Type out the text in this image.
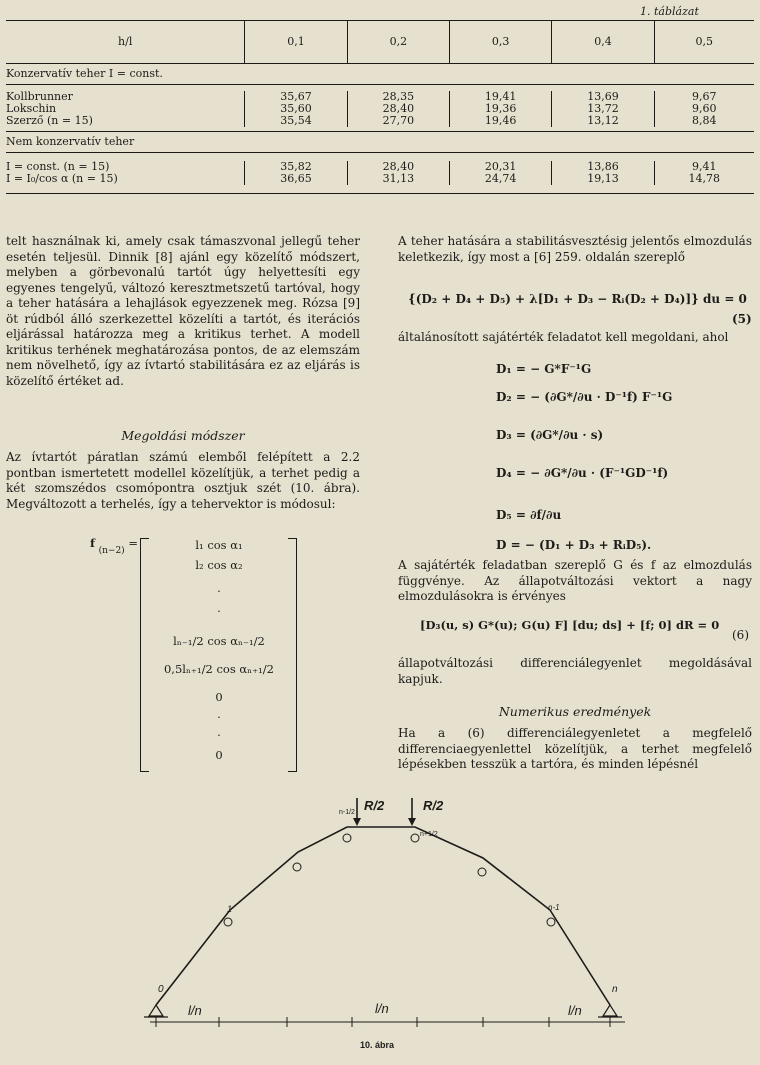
1. táblázat
h/l	0,1	0,2	0,3	0,4	0,5
Konzervatív teher I = const.
Kollbrunner	35,67	28,35	19,41	13,69	9,67
Lokschin	35,60	28,40	19,36	13,72	9,60
Szerző (n = 15)	35,54	27,70	19,46	13,12	8,84
Nem konzervatív teher
I = const. (n = 15)	35,82	28,40	20,31	13,86	9,41
I = I₀/cos α (n = 15)	36,65	31,13	24,74	19,13	14,78
telt használnak ki, amely csak támaszvonal jellegű teher esetén teljesül. Dinnik [8] ajánl egy közelítő módszert, melyben a görbevonalú tartót úgy helyettesíti egy egyenes tengelyű, változó keresztmetszetű tartóval, hogy a teher hatására a lehajlások egyezzenek meg. Rózsa [9] öt rúdból álló szerkezettel közelíti a tartót, és iterációs eljárással határozza meg a kritikus terhet. A modell kritikus terhének meghatározása pontos, de az elemszám nem növelhető, így az ívtartó stabilitására ez az eljárás is közelítő értéket ad.
Megoldási módszer
Az ívtartót páratlan számú elemből felépített a 2.2 pontban ismertetett modellel közelítjük, a terhet pedig a két szomszédos csomópontra osztjuk szét (10. ábra). Megváltozott a terhelés, így a tehervektor is módosul:
f $_{(n-2)}$ =	l₁ cos α₁
l₂ cos α₂
·
·
lₙ₋₁/2 cos αₙ₋₁/2
0,5lₙ₊₁/2 cos αₙ₊₁/2
0
·
·
0
A teher hatására a stabilitásvesztésig jelentős elmozdulás keletkezik, így most a [6] 259. oldalán szereplő
{(D₂ + D₄ + D₅) + λ[D₁ + D₃ − Rᵢ(D₂ + D₄)]} du = 0
(5)
általánosított sajátérték feladatot kell megoldani, ahol
D₁ = − G*F⁻¹G
D₂ = − (∂G*/∂u · D⁻¹f) F⁻¹G
D₃ = (∂G*/∂u · s)
D₄ = − ∂G*/∂u · (F⁻¹GD⁻¹f)
D₅ = ∂f/∂u
D = − (D₁ + D₃ + RᵢD₅).
A sajátérték feladatban szereplő G és f az elmozdulás függvénye. Az állapotváltozási vektort a nagy elmozdulásokra is érvényes
[D₃(u, s) G*(u); G(u) F] [du; ds] + [f; 0] dR = 0
(6)
állapotváltozási differenciálegyenlet megoldásával kapjuk.
Numerikus eredmények
Ha a (6) differenciálegyenletet a megfelelő differenciaegyenlettel közelítjük, a terhet megfelelő lépésekben tesszük a tartóra, és minden lépésnél
R/2	R/2
0
1	n-1
n
n-1/2
n+1/2
l/n	l/n	l/n
10. ábra
